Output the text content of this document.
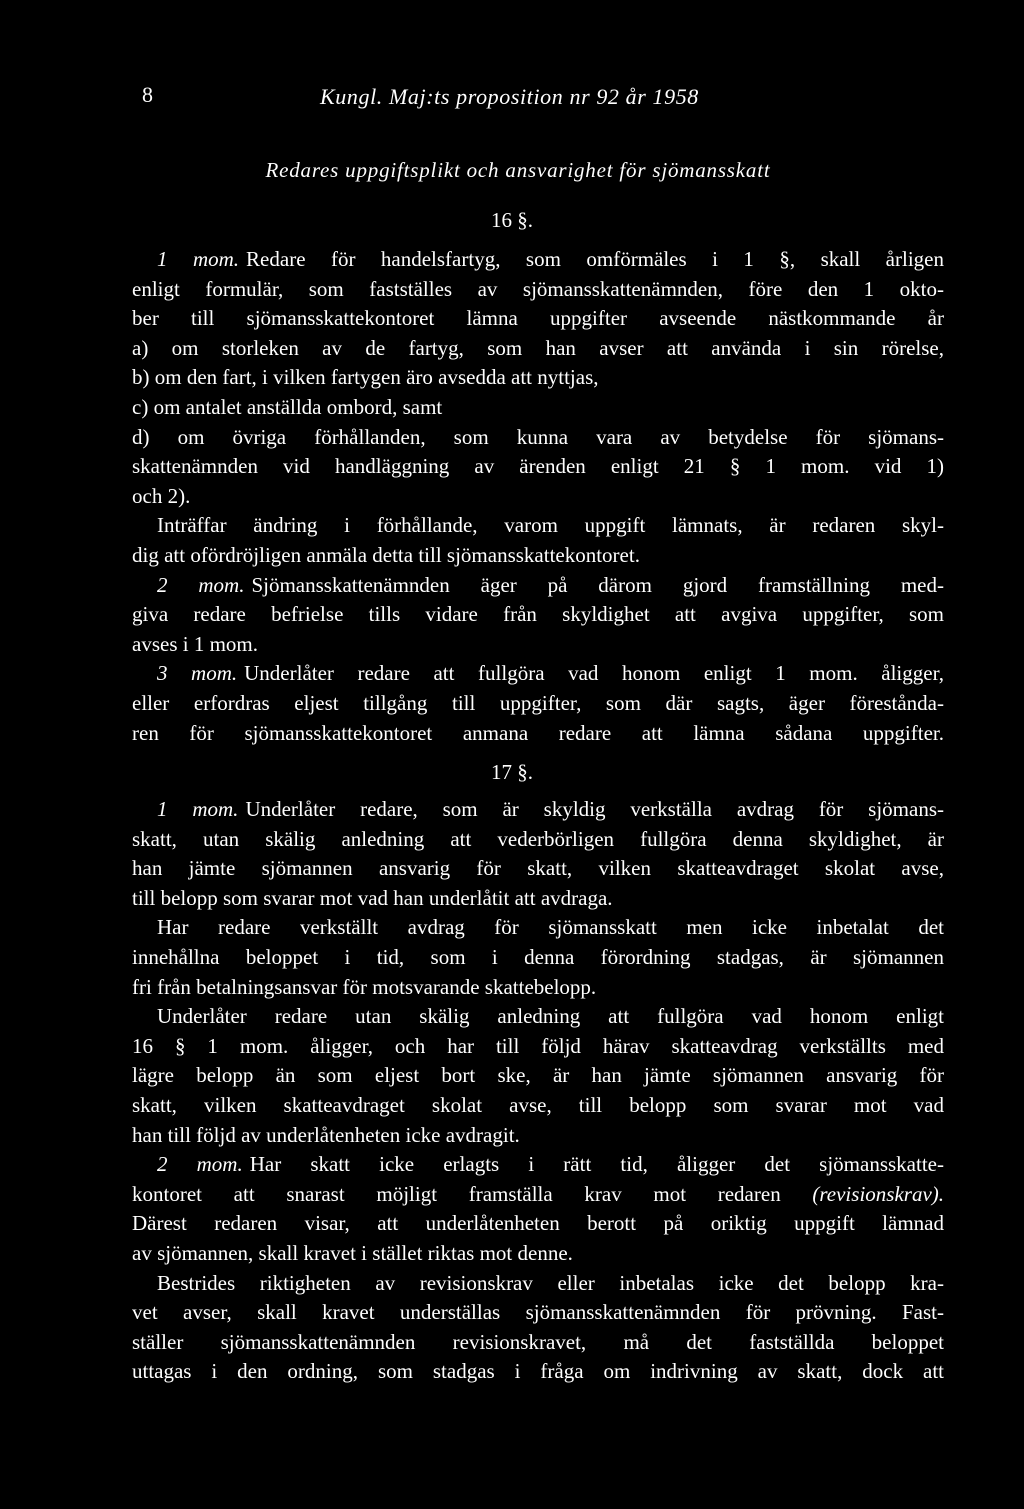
8	Kungl. Maj:ts proposition nr 92 år 1958
Redares uppgiftsplikt och ansvarighet för sjömansskatt
16 §.
1 mom. Redare för handelsfartyg, som omförmäles i 1 §, skall årligen
enligt formulär, som fastställes av sjömansskattenämnden, före den 1 okto-
ber till sjömansskattekontoret lämna uppgifter avseende nästkommande år
a) om storleken av de fartyg, som han avser att använda i sin rörelse,
b) om den fart, i vilken fartygen äro avsedda att nyttjas,
c) om antalet anställda ombord, samt
d) om övriga förhållanden, som kunna vara av betydelse för sjömans-
skattenämnden vid handläggning av ärenden enligt 21 § 1 mom. vid 1)
och 2).
Inträffar ändring i förhållande, varom uppgift lämnats, är redaren skyl-
dig att ofördröjligen anmäla detta till sjömansskattekontoret.
2 mom. Sjömansskattenämnden äger på därom gjord framställning med-
giva redare befrielse tills vidare från skyldighet att avgiva uppgifter, som
avses i 1 mom.
3 mom. Underlåter redare att fullgöra vad honom enligt 1 mom. åligger,
eller erfordras eljest tillgång till uppgifter, som där sagts, äger förestånda-
ren för sjömansskattekontoret anmana redare att lämna sådana uppgifter.
17 §.
1 mom. Underlåter redare, som är skyldig verkställa avdrag för sjömans-
skatt, utan skälig anledning att vederbörligen fullgöra denna skyldighet, är
han jämte sjömannen ansvarig för skatt, vilken skatteavdraget skolat avse,
till belopp som svarar mot vad han underlåtit att avdraga.
Har redare verkställt avdrag för sjömansskatt men icke inbetalat det
innehållna beloppet i tid, som i denna förordning stadgas, är sjömannen
fri från betalningsansvar för motsvarande skattebelopp.
Underlåter redare utan skälig anledning att fullgöra vad honom enligt
16 § 1 mom. åligger, och har till följd härav skatteavdrag verkställts med
lägre belopp än som eljest bort ske, är han jämte sjömannen ansvarig för
skatt, vilken skatteavdraget skolat avse, till belopp som svarar mot vad
han till följd av underlåtenheten icke avdragit.
2 mom. Har skatt icke erlagts i rätt tid, åligger det sjömansskatte-
kontoret att snarast möjligt framställa krav mot redaren (revisionskrav).
Därest redaren visar, att underlåtenheten berott på oriktig uppgift lämnad
av sjömannen, skall kravet i stället riktas mot denne.
Bestrides riktigheten av revisionskrav eller inbetalas icke det belopp kra-
vet avser, skall kravet underställas sjömansskattenämnden för prövning. Fast-
ställer sjömansskattenämnden revisionskravet, må det fastställda beloppet
uttagas i den ordning, som stadgas i fråga om indrivning av skatt, dock att
